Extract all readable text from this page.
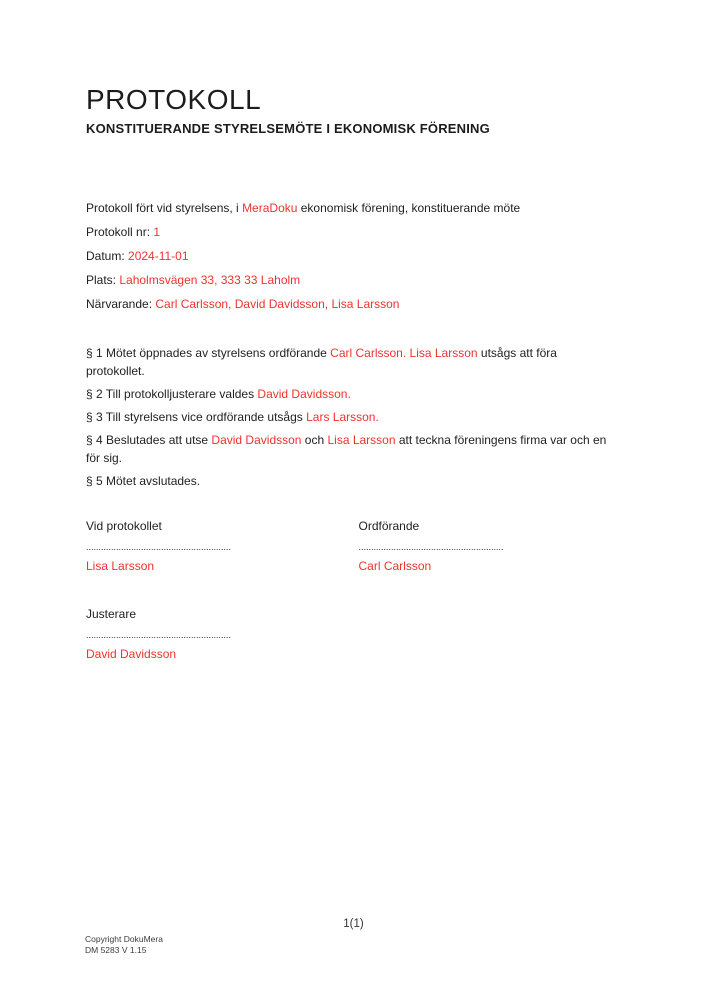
PROTOKOLL
KONSTITUERANDE STYRELSEMÖTE I EKONOMISK FÖRENING

Protokoll fört vid styrelsens, i MeraDoku ekonomisk förening, konstituerande möte

Protokoll nr: 1

Datum: 2024-11-01

Plats: Laholmsvägen 33, 333 33 Laholm

Närvarande: Carl Carlsson, David Davidsson, Lisa Larsson

§ 1 Mötet öppnades av styrelsens ordförande Carl Carlsson. Lisa Larsson utsågs att föra
protokollet.

§ 2 Till protokolljusterare valdes David Davidsson.

§ 3 Till styrelsens vice ordförande utsågs Lars Larsson.

§ 4 Beslutades att utse David Davidsson och Lisa Larsson att teckna föreningens firma var och en
för sig.

§ 5 Mötet avslutades.

Vid protokollet
..........................................................
Lisa Larsson
Ordförande
..........................................................
Carl Carlsson
Justerare
..........................................................
David Davidsson
1(1)
Copyright DokuMera
DM 5283 V 1.15
